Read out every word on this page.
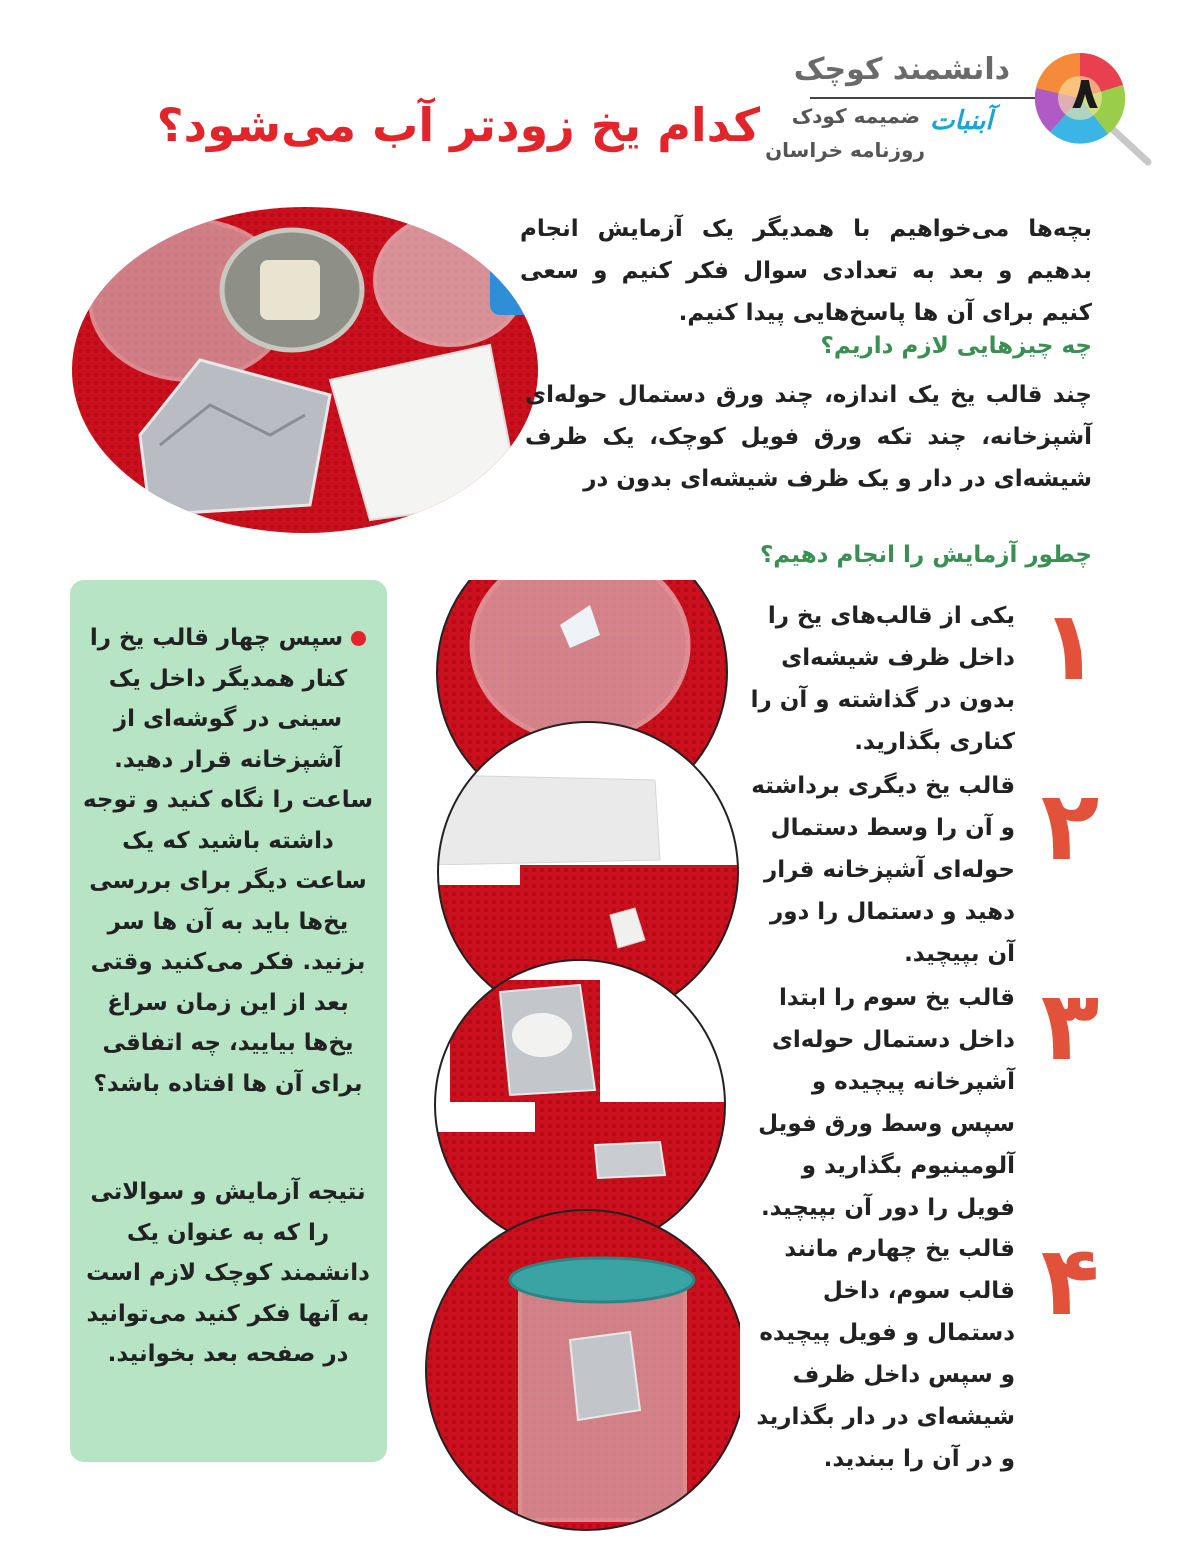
دانشمند کوچک
ضمیمه کودک
روزنامه خراسان
آبنبات
۸
کدام یخ زودتر آب می‌شود؟
بچه‌ها می‌خواهیم با همدیگر یک آزمایش انجام بدهیم و بعد به تعدادی سوال فکر کنیم و سعی کنیم برای آن ها پاسخ‌هایی پیدا کنیم.
چه چیزهایی لازم داریم؟
چند قالب یخ یک اندازه، چند ورق دستمال حوله‌ای آشپزخانه، چند تکه ورق فویل کوچک، یک ظرف شیشه‌ای در دار و یک ظرف شیشه‌ای بدون در
چطور آزمایش را انجام دهیم؟
یکی از قالب‌های یخ را داخل ظرف شیشه‌ای بدون در گذاشته و آن را کناری بگذارید.
۱
قالب یخ دیگری برداشته و آن را وسط دستمال حوله‌ای آشپزخانه قرار دهید و دستمال را دور آن بپیچید.
۲
قالب یخ سوم را ابتدا داخل دستمال حوله‌ای آشپرخانه پیچیده و سپس وسط ورق فویل آلومینیوم بگذارید و فویل را دور آن بپیچید.
۳
قالب یخ چهارم مانند قالب سوم، داخل دستمال و فویل پیچیده و سپس داخل ظرف شیشه‌ای در دار بگذارید و در آن را ببندید.
۴
سپس چهار قالب یخ را کنار همدیگر داخل یک سینی در گوشه‌ای از آشپزخانه قرار دهید. ساعت را نگاه کنید و توجه داشته باشید که یک ساعت دیگر برای بررسی یخ‌ها باید به آن ها سر بزنید. فکر می‌کنید وقتی بعد از این زمان سراغ یخ‌ها بیایید، چه اتفاقی برای آن ها افتاده باشد؟
نتیجه آزمایش و سوالاتی را که به عنوان یک دانشمند کوچک لازم است به آنها فکر کنید می‌توانید در صفحه بعد بخوانید.
